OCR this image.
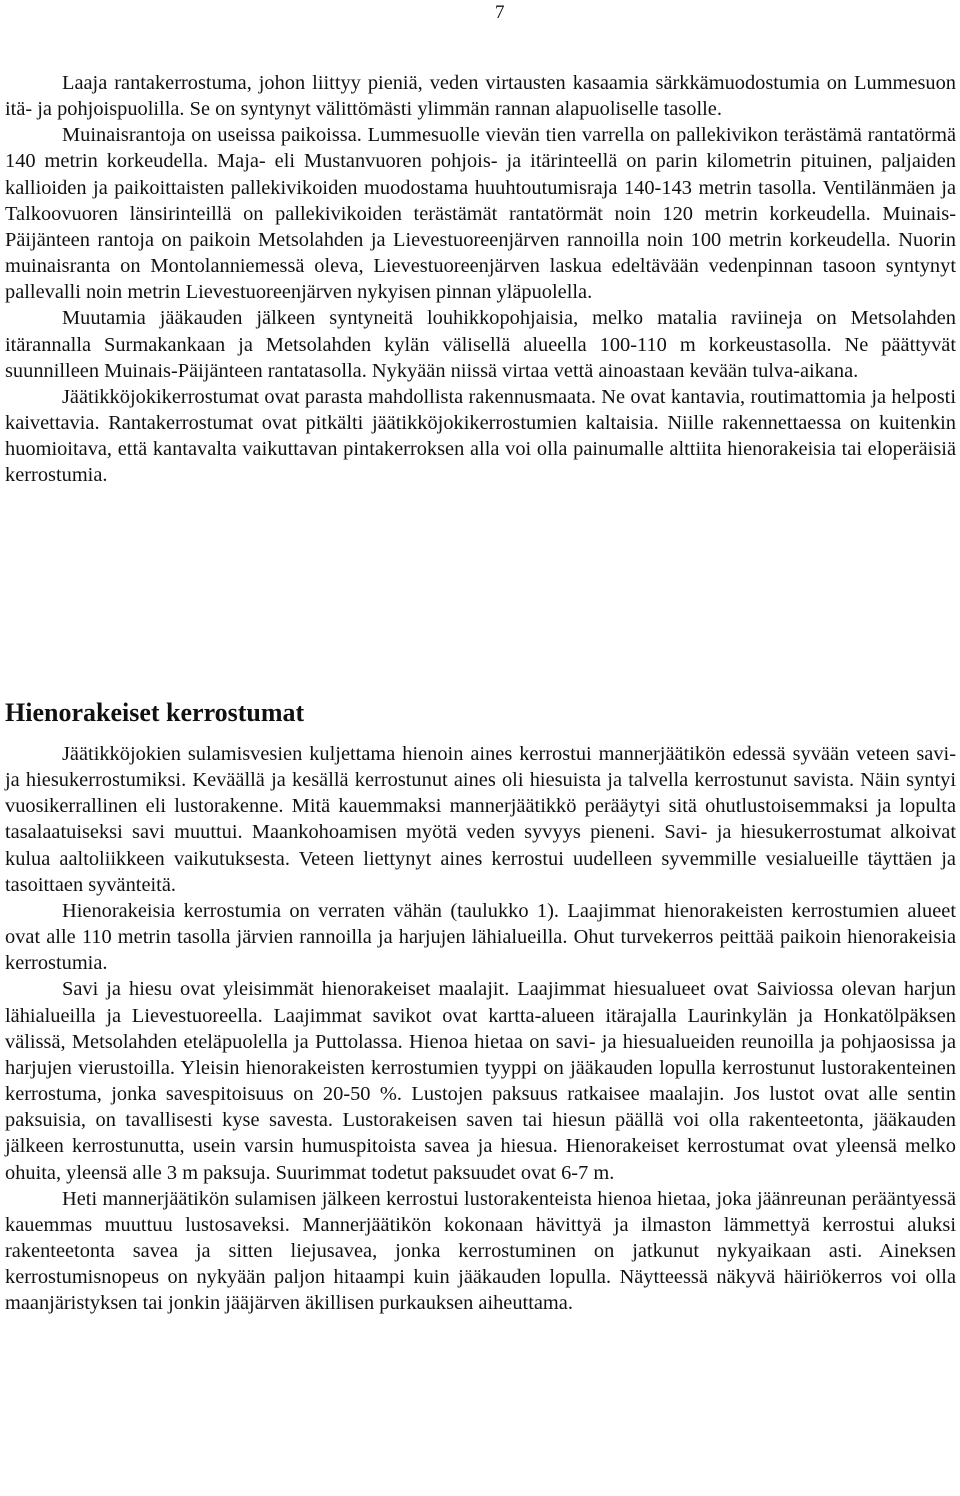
7

Laaja rantakerrostuma, johon liittyy pieniä, veden virtausten kasaamia särkkämuodostumia on Lummesuon itä- ja pohjoispuolilla. Se on syntynyt välittömästi ylimmän rannan alapuoliselle tasolle.

Muinaisrantoja on useissa paikoissa. Lummesuolle vievän tien varrella on pallekivikon terästämä rantatörmä 140 metrin korkeudella. Maja- eli Mustanvuoren pohjois- ja itärinteellä on parin kilometrin pituinen, paljaiden kallioiden ja paikoittaisten pallekivikoiden muodostama huuhtoutumisraja 140-143 metrin tasolla. Ventilänmäen ja Talkoovuoren länsirinteillä on pallekivikoiden terästämät rantatörmät noin 120 metrin korkeudella. Muinais-Päijänteen rantoja on paikoin Metsolahden ja Lievestuoreenjärven rannoilla noin 100 metrin korkeudella. Nuorin muinaisranta on Montolanniemessä oleva, Lievestuoreenjärven laskua edeltävään vedenpinnan tasoon syntynyt pallevalli noin metrin Lievestuoreenjärven nykyisen pinnan yläpuolella.

Muutamia jääkauden jälkeen syntyneitä louhikkopohjaisia, melko matalia raviineja on Metsolahden itärannalla Surmakankaan ja Metsolahden kylän välisellä alueella 100-110 m korkeustasolla. Ne päättyvät suunnilleen Muinais-Päijänteen rantatasolla. Nykyään niissä virtaa vettä ainoastaan kevään tulva-aikana.

Jäätikköjokikerrostumat ovat parasta mahdollista rakennusmaata. Ne ovat kantavia, routimattomia ja helposti kaivettavia. Rantakerrostumat ovat pitkälti jäätikköjokikerrostumien kaltaisia. Niille rakennettaessa on kuitenkin huomioitava, että kantavalta vaikuttavan pintakerroksen alla voi olla painumalle alttiita hienorakeisia tai eloperäisiä kerrostumia.

Hienorakeiset kerrostumat

Jäätikköjokien sulamisvesien kuljettama hienoin aines kerrostui mannerjäätikön edessä syvään veteen savi- ja hiesukerrostumiksi. Keväällä ja kesällä kerrostunut aines oli hiesuista ja talvella kerrostunut savista. Näin syntyi vuosikerrallinen eli lustorakenne. Mitä kauemmaksi mannerjäätikkö perääytyi sitä ohutlustoisemmaksi ja lopulta tasalaatuiseksi savi muuttui. Maankohoamisen myötä veden syvyys pieneni. Savi- ja hiesukerrostumat alkoivat kulua aaltoliikkeen vaikutuksesta. Veteen liettynyt aines kerrostui uudelleen syvemmille vesialueille täyttäen ja tasoittaen syvänteitä.

Hienorakeisia kerrostumia on verraten vähän (taulukko 1). Laajimmat hienorakeisten kerrostumien alueet ovat alle 110 metrin tasolla järvien rannoilla ja harjujen lähialueilla. Ohut turvekerros peittää paikoin hienorakeisia kerrostumia.

Savi ja hiesu ovat yleisimmät hienorakeiset maalajit. Laajimmat hiesualueet ovat Saiviossa olevan harjun lähialueilla ja Lievestuoreella. Laajimmat savikot ovat kartta-alueen itärajalla Laurinkylän ja Honkatölpäksen välissä, Metsolahden eteläpuolella ja Puttolassa. Hienoa hietaa on savi- ja hiesualueiden reunoilla ja pohjaosissa ja harjujen vierustoilla. Yleisin hienorakeisten kerrostumien tyyppi on jääkauden lopulla kerrostunut lustorakenteinen kerrostuma, jonka savespitoisuus on 20-50 %. Lustojen paksuus ratkaisee maalajin. Jos lustot ovat alle sentin paksuisia, on tavallisesti kyse savesta. Lustorakeisen saven tai hiesun päällä voi olla rakenteetonta, jääkauden jälkeen kerrostunutta, usein varsin humuspitoista savea ja hiesua. Hienorakeiset kerrostumat ovat yleensä melko ohuita, yleensä alle 3 m paksuja. Suurimmat todetut paksuudet ovat 6-7 m.

Heti mannerjäätikön sulamisen jälkeen kerrostui lustorakenteista hienoa hietaa, joka jäänreunan perääntyessä kauemmas muuttuu lustosaveksi. Mannerjäätikön kokonaan hävittyä ja ilmaston lämmettyä kerrostui aluksi rakenteetonta savea ja sitten liejusavea, jonka kerrostuminen on jatkunut nykyaikaan asti. Aineksen kerrostumisnopeus on nykyään paljon hitaampi kuin jääkauden lopulla. Näytteessä näkyvä häiriökerros voi olla maanjäristyksen tai jonkin jääjärven äkillisen purkauksen aiheuttama.
